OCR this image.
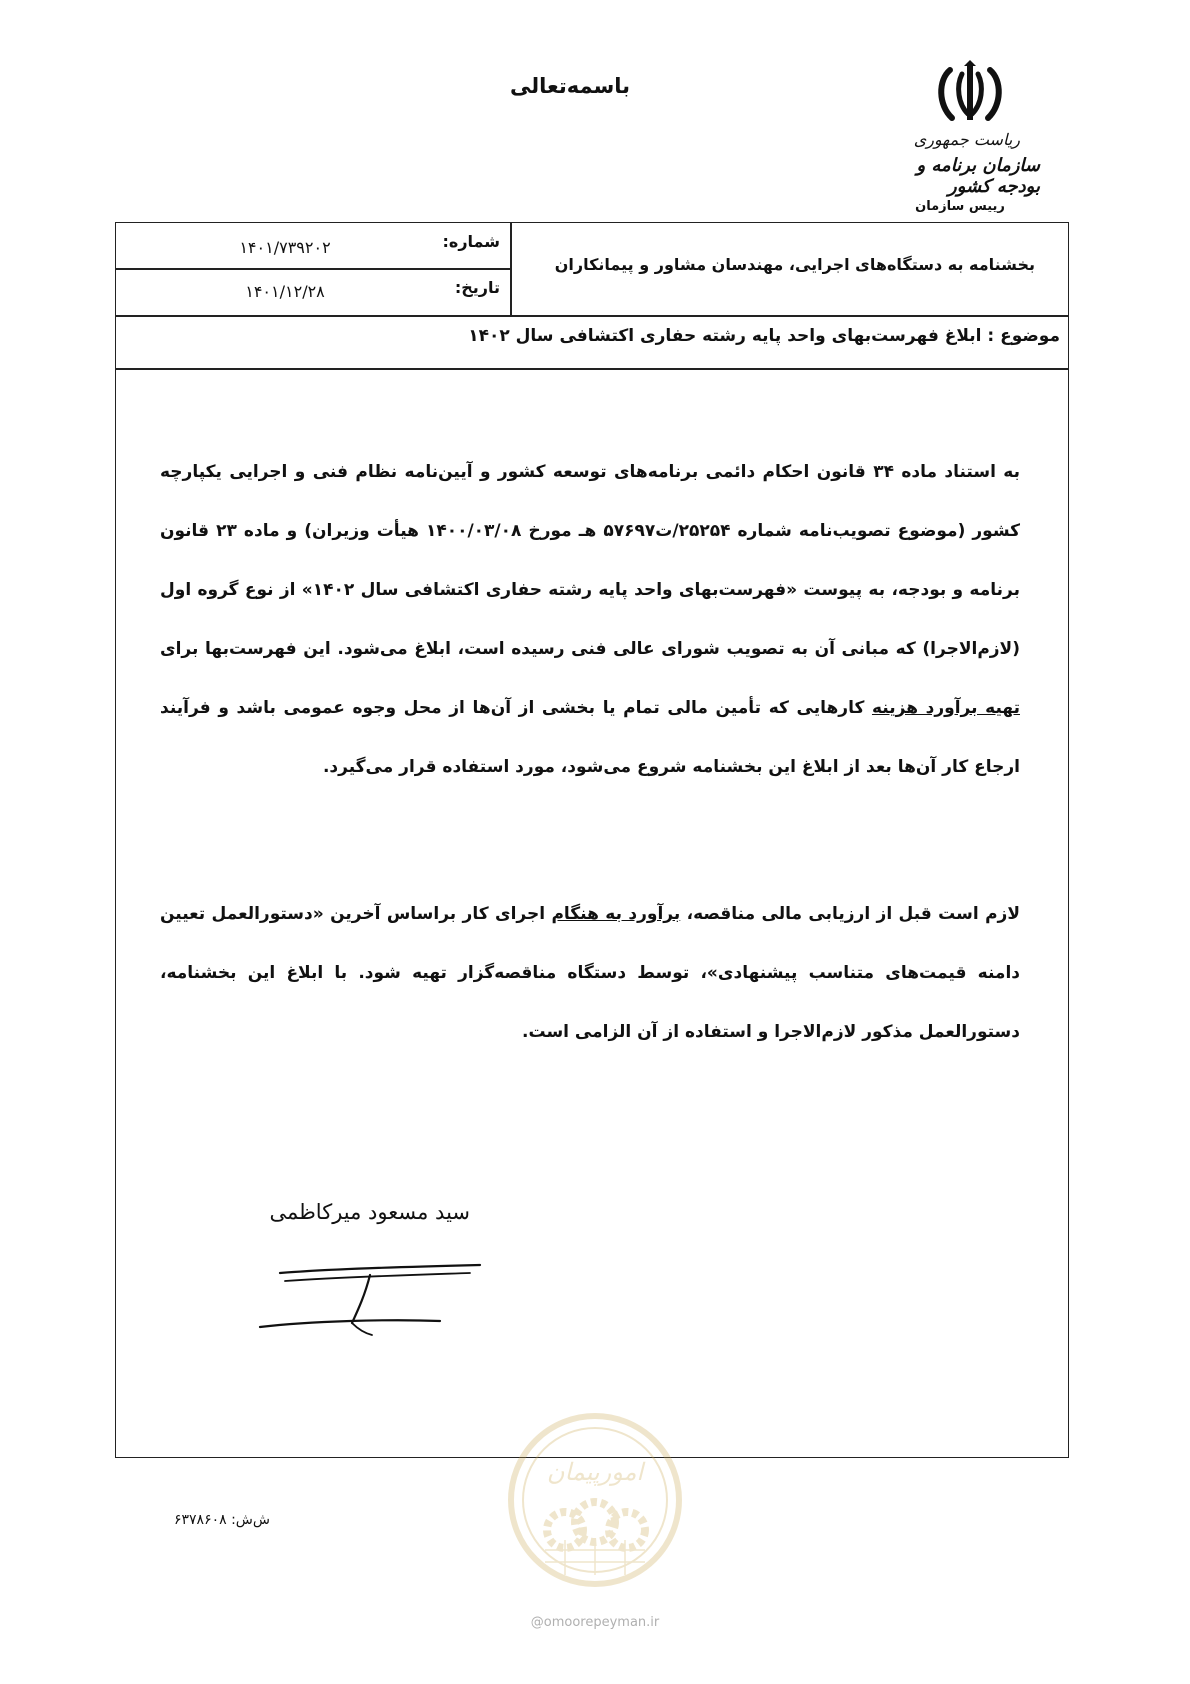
باسمه‌تعالی
ریاست جمهوری
سازمان برنامه و بودجه کشور
رییس سازمان
شماره:
۱۴۰۱/۷۳۹۲۰۲
تاریخ:
۱۴۰۱/۱۲/۲۸
بخشنامه به دستگاه‌های اجرایی، مهندسان مشاور و پیمانکاران
موضوع : ابلاغ فهرست‌بهای واحد پایه رشته حفاری اکتشافی سال ۱۴۰۲
به استناد ماده ۳۴ قانون احکام دائمی برنامه‌های توسعه کشور و آیین‌نامه نظام فنی و اجرایی یکپارچه کشور (موضوع تصویب‌نامه شماره ۲۵۲۵۴/ت۵۷۶۹۷ هـ مورخ ۱۴۰۰/۰۳/۰۸ هیأت وزیران) و ماده ۲۳ قانون برنامه و بودجه، به پیوست «فهرست‌بهای واحد پایه رشته حفاری اکتشافی سال ۱۴۰۲» از نوع گروه اول (لازم‌الاجرا) که مبانی آن به تصویب شورای عالی فنی رسیده است، ابلاغ می‌شود. این فهرست‌بها برای تهیه برآورد هزینه کارهایی که تأمین مالی تمام یا بخشی از آن‌ها از محل وجوه عمومی باشد و فرآیند ارجاع کار آن‌ها بعد از ابلاغ این بخشنامه شروع می‌شود، مورد استفاده قرار می‌گیرد.
لازم است قبل از ارزیابی مالی مناقصه، برآورد به هنگام اجرای کار براساس آخرین «دستورالعمل تعیین دامنه قیمت‌های متناسب پیشنهادی»، توسط دستگاه مناقصه‌گزار تهیه شود. با ابلاغ این بخشنامه، دستورالعمل مذکور لازم‌الاجرا و استفاده از آن الزامی است.
سید مسعود میرکاظمی
ش‌ش: ۶۳۷۸۶۰۸
امورپیمان
@omoorepeyman.ir
